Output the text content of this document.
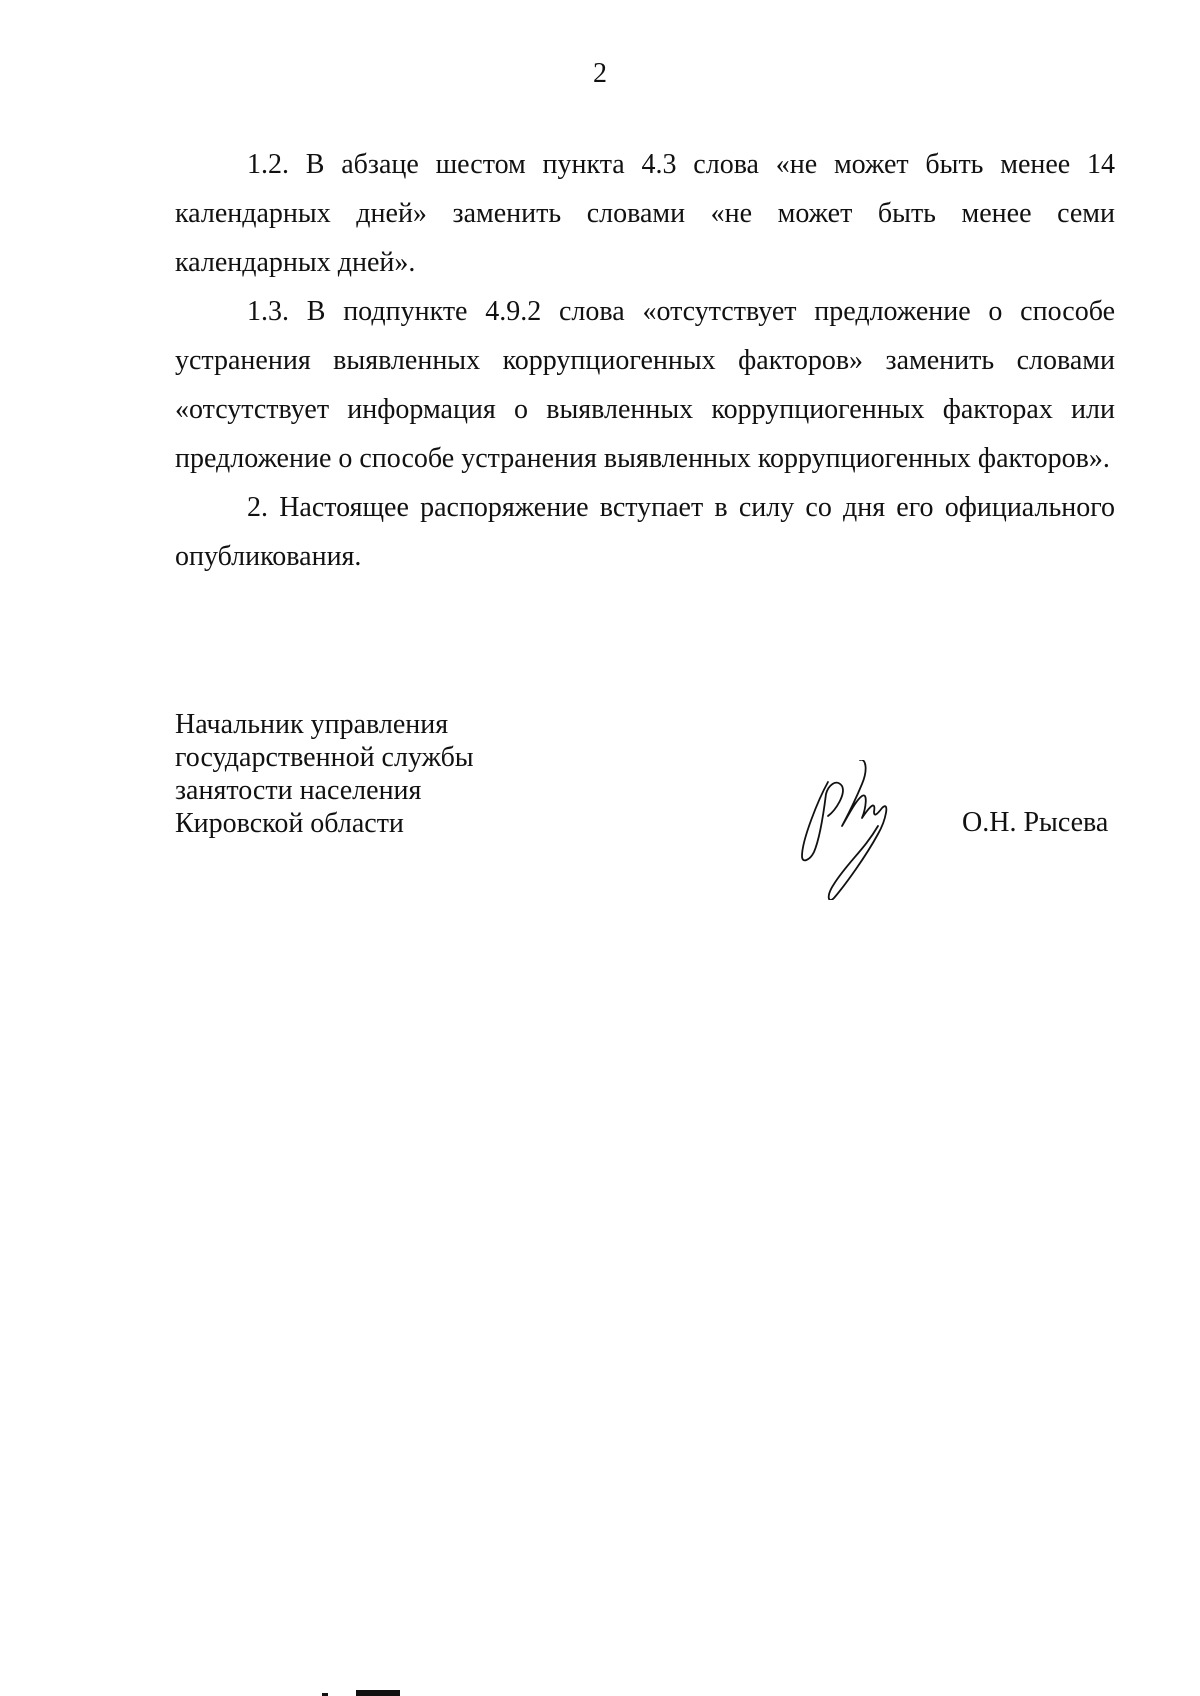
2

1.2. В абзаце шестом пункта 4.3 слова «не может быть менее 14 календарных дней» заменить словами «не может быть менее семи календарных дней».

1.3. В подпункте 4.9.2 слова «отсутствует предложение о способе устранения выявленных коррупциогенных факторов» заменить словами «отсутствует информация о выявленных коррупциогенных факторах или предложение о способе устранения выявленных коррупциогенных факторов».

2. Настоящее распоряжение вступает в силу со дня его официального опубликования.

Начальник управления
государственной службы
занятости населения
Кировской области	О.Н. Рысева
